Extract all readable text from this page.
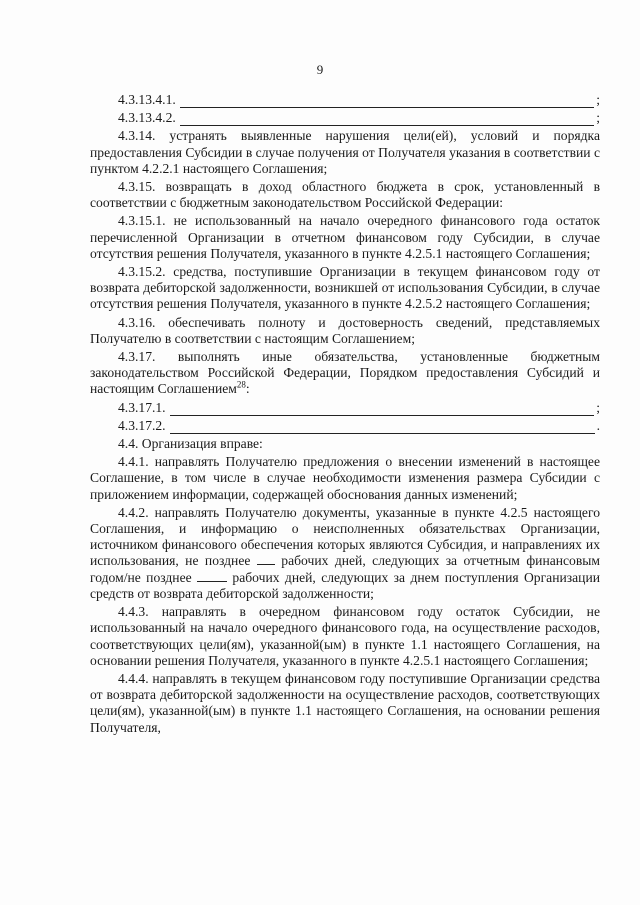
9
4.3.13.4.1.	;
4.3.13.4.2.	;

4.3.14. устранять выявленные нарушения цели(ей), условий и порядка предоставления Субсидии в случае получения от Получателя указания в соответствии с пунктом 4.2.2.1 настоящего Соглашения;

4.3.15. возвращать в доход областного бюджета в срок, установленный в соответствии с бюджетным законодательством Российской Федерации:

4.3.15.1. не использованный на начало очередного финансового года остаток перечисленной Организации в отчетном финансовом году Субсидии, в случае отсутствия решения Получателя, указанного в пункте 4.2.5.1 настоящего Соглашения;

4.3.15.2. средства, поступившие Организации в текущем финансовом году от возврата дебиторской задолженности, возникшей от использования Субсидии, в случае отсутствия решения Получателя, указанного в пункте 4.2.5.2 настоящего Соглашения;

4.3.16. обеспечивать полноту и достоверность сведений, представляемых Получателю в соответствии с настоящим Соглашением;

4.3.17. выполнять иные обязательства, установленные бюджетным законодательством Российской Федерации, Порядком предоставления Субсидий и настоящим Соглашением$^{28}$:

4.3.17.1.	;
4.3.17.2.	.

4.4. Организация вправе:

4.4.1. направлять Получателю предложения о внесении изменений в настоящее Соглашение, в том числе в случае необходимости изменения размера Субсидии с приложением информации, содержащей обоснования данных изменений;

4.4.2. направлять Получателю документы, указанные в пункте 4.2.5 настоящего Соглашения, и информацию о неисполненных обязательствах Организации, источником финансового обеспечения которых являются Субсидия, и направлениях их использования, не позднее  рабочих дней, следующих за отчетным финансовым годом/не позднее  рабочих дней, следующих за днем поступления Организации средств от возврата дебиторской задолженности;

4.4.3. направлять в очередном финансовом году остаток Субсидии, не использованный на начало очередного финансового года, на осуществление расходов, соответствующих цели(ям), указанной(ым) в пункте 1.1 настоящего Соглашения, на основании решения Получателя, указанного в пункте 4.2.5.1 настоящего Соглашения;

4.4.4. направлять в текущем финансовом году поступившие Организации средства от возврата дебиторской задолженности на осуществление расходов, соответствующих цели(ям), указанной(ым) в пункте 1.1 настоящего Соглашения, на основании решения Получателя,
